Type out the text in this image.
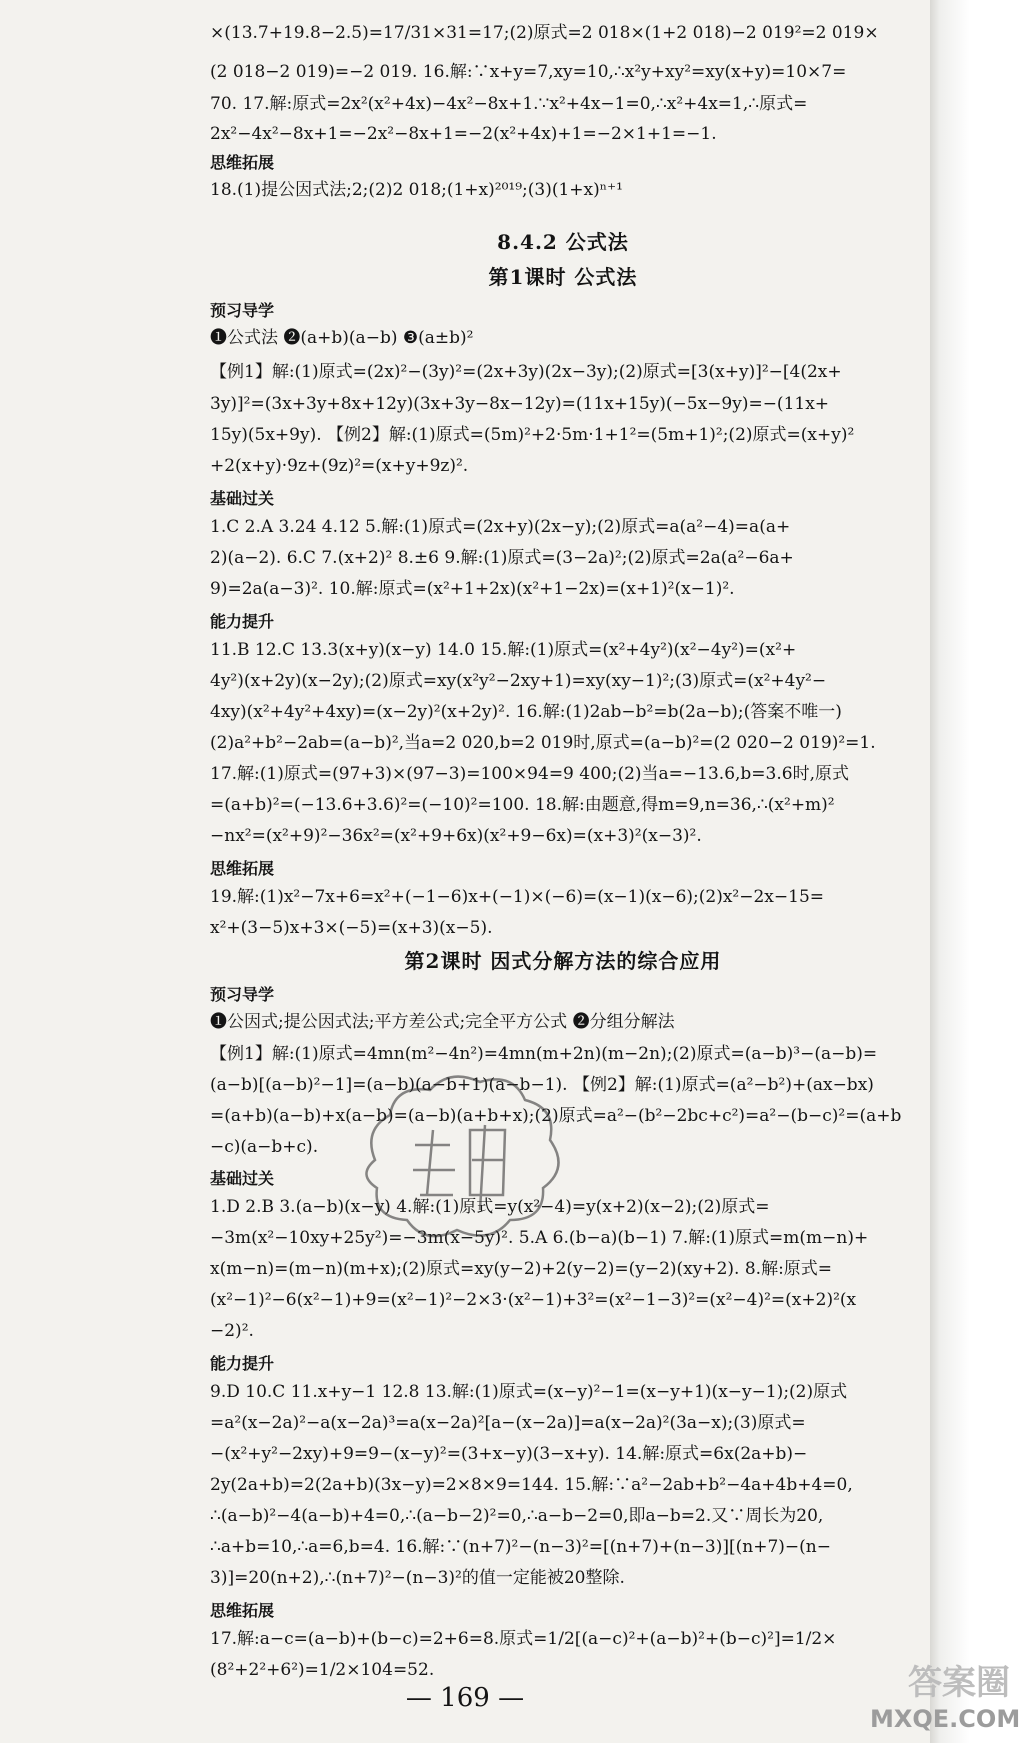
×(13.7+19.8−2.5)=17/31×31=17;(2)原式=2 018×(1+2 018)−2 019²=2 019×
(2 018−2 019)=−2 019. 16.解:∵x+y=7,xy=10,∴x²y+xy²=xy(x+y)=10×7=
70. 17.解:原式=2x²(x²+4x)−4x²−8x+1.∵x²+4x−1=0,∴x²+4x=1,∴原式=
2x²−4x²−8x+1=−2x²−8x+1=−2(x²+4x)+1=−2×1+1=−1.
思维拓展
18.(1)提公因式法;2;(2)2 018;(1+x)²⁰¹⁹;(3)(1+x)ⁿ⁺¹
8.4.2 公式法
第1课时 公式法
预习导学
❶公式法 ❷(a+b)(a−b) ❸(a±b)²
【例1】解:(1)原式=(2x)²−(3y)²=(2x+3y)(2x−3y);(2)原式=[3(x+y)]²−[4(2x+
3y)]²=(3x+3y+8x+12y)(3x+3y−8x−12y)=(11x+15y)(−5x−9y)=−(11x+
15y)(5x+9y). 【例2】解:(1)原式=(5m)²+2·5m·1+1²=(5m+1)²;(2)原式=(x+y)²
+2(x+y)·9z+(9z)²=(x+y+9z)².
基础过关
1.C 2.A 3.24 4.12 5.解:(1)原式=(2x+y)(2x−y);(2)原式=a(a²−4)=a(a+
2)(a−2). 6.C 7.(x+2)² 8.±6 9.解:(1)原式=(3−2a)²;(2)原式=2a(a²−6a+
9)=2a(a−3)². 10.解:原式=(x²+1+2x)(x²+1−2x)=(x+1)²(x−1)².
能力提升
11.B 12.C 13.3(x+y)(x−y) 14.0 15.解:(1)原式=(x²+4y²)(x²−4y²)=(x²+
4y²)(x+2y)(x−2y);(2)原式=xy(x²y²−2xy+1)=xy(xy−1)²;(3)原式=(x²+4y²−
4xy)(x²+4y²+4xy)=(x−2y)²(x+2y)². 16.解:(1)2ab−b²=b(2a−b);(答案不唯一)
(2)a²+b²−2ab=(a−b)²,当a=2 020,b=2 019时,原式=(a−b)²=(2 020−2 019)²=1.
17.解:(1)原式=(97+3)×(97−3)=100×94=9 400;(2)当a=−13.6,b=3.6时,原式
=(a+b)²=(−13.6+3.6)²=(−10)²=100. 18.解:由题意,得m=9,n=36,∴(x²+m)²
−nx²=(x²+9)²−36x²=(x²+9+6x)(x²+9−6x)=(x+3)²(x−3)².
思维拓展
19.解:(1)x²−7x+6=x²+(−1−6)x+(−1)×(−6)=(x−1)(x−6);(2)x²−2x−15=
x²+(3−5)x+3×(−5)=(x+3)(x−5).
第2课时 因式分解方法的综合应用
预习导学
❶公因式;提公因式法;平方差公式;完全平方公式 ❷分组分解法
【例1】解:(1)原式=4mn(m²−4n²)=4mn(m+2n)(m−2n);(2)原式=(a−b)³−(a−b)=
(a−b)[(a−b)²−1]=(a−b)(a−b+1)(a−b−1). 【例2】解:(1)原式=(a²−b²)+(ax−bx)
=(a+b)(a−b)+x(a−b)=(a−b)(a+b+x);(2)原式=a²−(b²−2bc+c²)=a²−(b−c)²=(a+b
−c)(a−b+c).
基础过关
1.D 2.B 3.(a−b)(x−y) 4.解:(1)原式=y(x²−4)=y(x+2)(x−2);(2)原式=
−3m(x²−10xy+25y²)=−3m(x−5y)². 5.A 6.(b−a)(b−1) 7.解:(1)原式=m(m−n)+
x(m−n)=(m−n)(m+x);(2)原式=xy(y−2)+2(y−2)=(y−2)(xy+2). 8.解:原式=
(x²−1)²−6(x²−1)+9=(x²−1)²−2×3·(x²−1)+3²=(x²−1−3)²=(x²−4)²=(x+2)²(x
−2)².
能力提升
9.D 10.C 11.x+y−1 12.8 13.解:(1)原式=(x−y)²−1=(x−y+1)(x−y−1);(2)原式
=a²(x−2a)²−a(x−2a)³=a(x−2a)²[a−(x−2a)]=a(x−2a)²(3a−x);(3)原式=
−(x²+y²−2xy)+9=9−(x−y)²=(3+x−y)(3−x+y). 14.解:原式=6x(2a+b)−
2y(2a+b)=2(2a+b)(3x−y)=2×8×9=144. 15.解:∵a²−2ab+b²−4a+4b+4=0,
∴(a−b)²−4(a−b)+4=0,∴(a−b−2)²=0,∴a−b−2=0,即a−b=2.又∵周长为20,
∴a+b=10,∴a=6,b=4. 16.解:∵(n+7)²−(n−3)²=[(n+7)+(n−3)][(n+7)−(n−
3)]=20(n+2),∴(n+7)²−(n−3)²的值一定能被20整除.
思维拓展
17.解:a−c=(a−b)+(b−c)=2+6=8.原式=1/2[(a−c)²+(a−b)²+(b−c)²]=1/2×
(8²+2²+6²)=1/2×104=52.
— 169 —	答案圈
MXQE.COM
